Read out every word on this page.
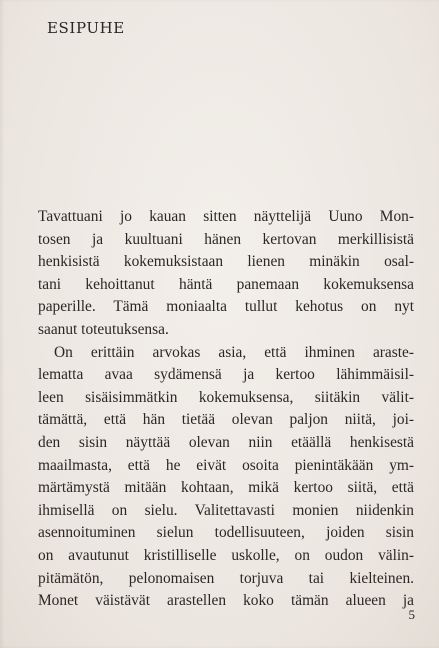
ESIPUHE
Tavattuani jo kauan sitten näyttelijä Uuno Mon-
tosen ja kuultuani hänen kertovan merkillisistä
henkisistä kokemuksistaan lienen minäkin osal-
tani kehoittanut häntä panemaan kokemuksensa
paperille. Tämä moniaalta tullut kehotus on nyt
saanut toteutuksensa.
On erittäin arvokas asia, että ihminen araste-
lematta avaa sydämensä ja kertoo lähimmäisil-
leen sisäisimmätkin kokemuksensa, siitäkin välit-
tämättä, että hän tietää olevan paljon niitä, joi-
den sisin näyttää olevan niin etäällä henkisestä
maailmasta, että he eivät osoita pienintäkään ym-
märtämystä mitään kohtaan, mikä kertoo siitä, että
ihmisellä on sielu. Valitettavasti monien niidenkin
asennoituminen sielun todellisuuteen, joiden sisin
on avautunut kristilliselle uskolle, on oudon välin-
pitämätön, pelonomaisen torjuva tai kielteinen.
Monet väistävät arastellen koko tämän alueen ja
5
